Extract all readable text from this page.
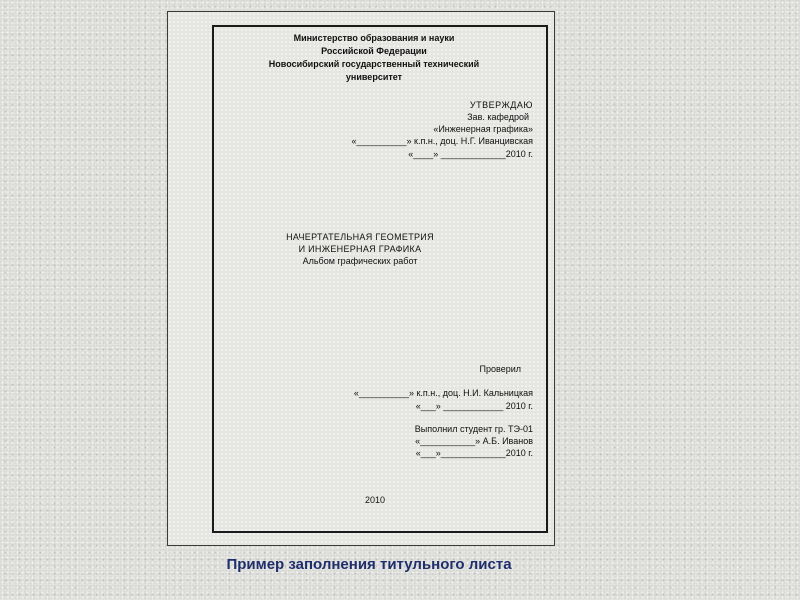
Министерство образования и науки
Российской Федерации
Новосибирский государственный технический
университет
УТВЕРЖДАЮ
Зав. кафедрой
«Инженерная графика»
«__________» к.п.н., доц. Н.Г. Иванцивская
«____» _____________2010 г.
НАЧЕРТАТЕЛЬНАЯ ГЕОМЕТРИЯ
И ИНЖЕНЕРНАЯ ГРАФИКА
Альбом графических работ
Проверил
«__________» к.п.н., доц. Н.И. Кальницкая
«___» ____________ 2010 г.
Выполнил студент гр. ТЭ-01
«___________» А.Б. Иванов
«___»_____________2010 г.
2010
Пример заполнения титульного листа
